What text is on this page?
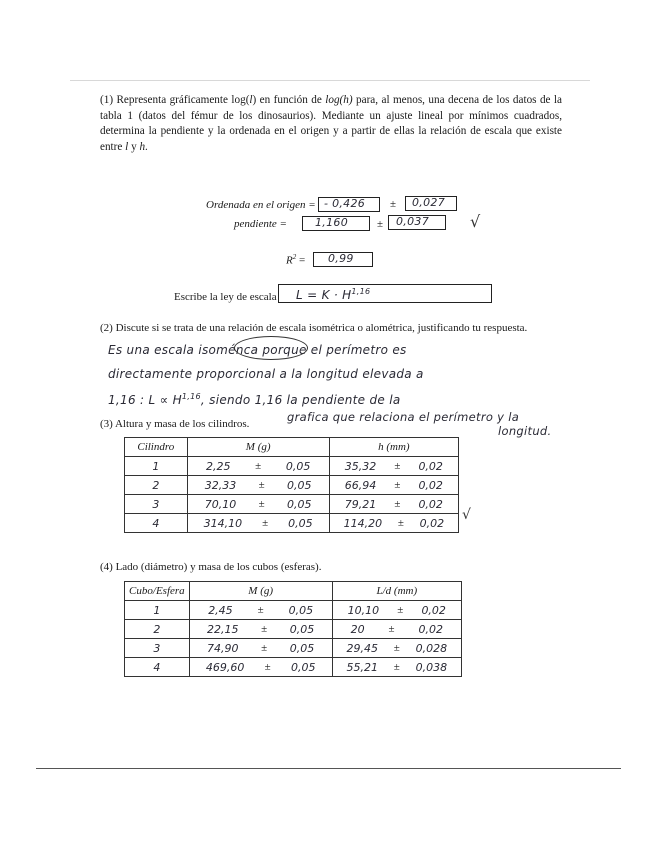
(1) Representa gráficamente log(l) en función de log(h) para, al menos, una decena de los datos de la tabla 1 (datos del fémur de los dinosaurios). Mediante un ajuste lineal por mínimos cuadrados, determina la pendiente y la ordenada en el origen y a partir de ellas la relación de escala que existe entre l y h.
Ordenada en el origen = - 0,426 ± 0,027
pendiente =	1,160	± 0,037	√
$R^2 = 0,99$
Escribe la ley de escala L = K · H$^{1,16}$
(2) Discute si se trata de una relación de escala isométrica o alométrica, justificando tu respuesta.
Es una escala isoménca porque el perímetro es
directamente proporcional a la longitud elevada a
1,16 : L ∝ H$^{1,16}$, siendo 1,16 la pendiente de la
grafica que relaciona el perímetro y la
longitud.
(3) Altura y masa de los cilindros.
Cilindro	M (g)	h (mm)
1	2,25 ± 0,05	35,32 ± 0,02

2	32,33 ± 0,05	66,94 ± 0,02

3	70,10 ± 0,05	79,21 ± 0,02

4	314,10 ± 0,05	114,20 ± 0,02 √
(4) Lado (diámetro) y masa de los cubos (esferas).
Cubo/Esfera	M (g)	L/d (mm)
1	2,45 ± 0,05	10,10 ± 0,02

2	22,15 ± 0,05	20 ± 0,02

3	74,90 ± 0,05	29,45 ± 0,028

4	469,60 ± 0,05	55,21 ± 0,038
